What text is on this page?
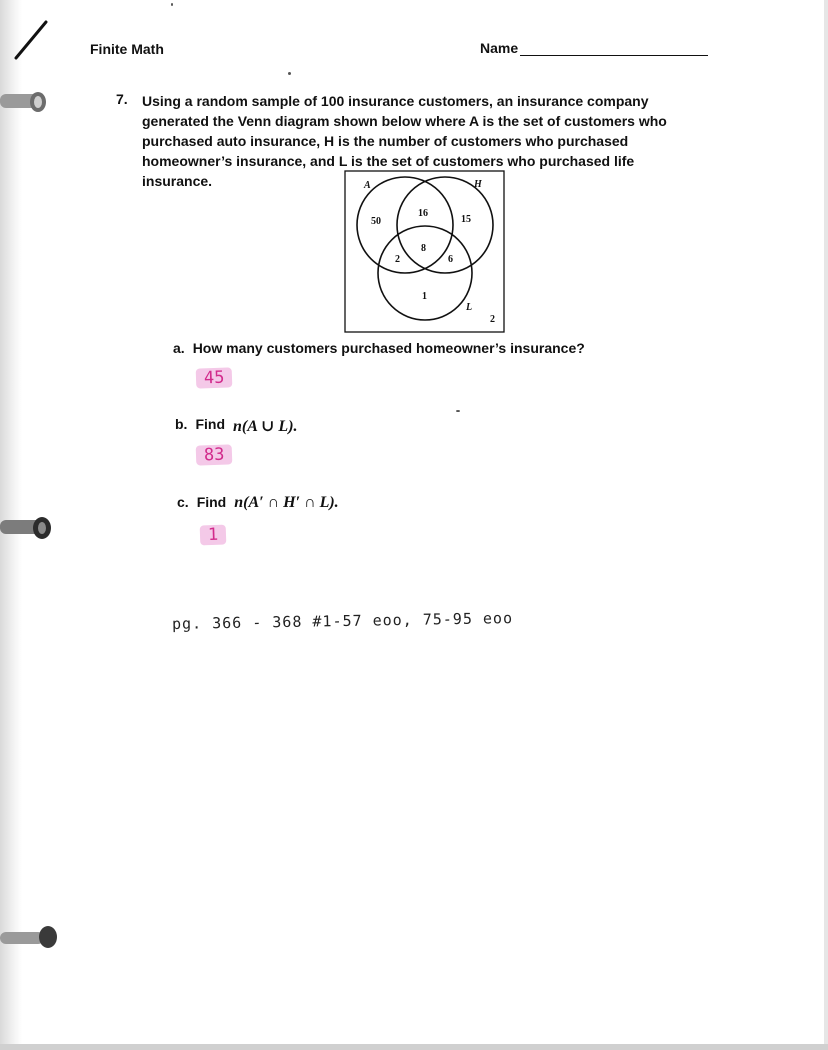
Finite Math	Name
7. Using a random sample of 100 insurance customers, an insurance company generated the Venn diagram shown below where A is the set of customers who purchased auto insurance, H is the number of customers who purchased homeowner’s insurance, and L is the set of customers who purchased life insurance.	A	H
L
50
16
15
8
2	6
1
2
a. How many customers purchased homeowner’s insurance?
45
b. Find n(A ∪ L).
83
c. Find n(A′ ∩ H′ ∩ L).
1
pg. 366 - 368 #1-57 eoo, 75-95 eoo
